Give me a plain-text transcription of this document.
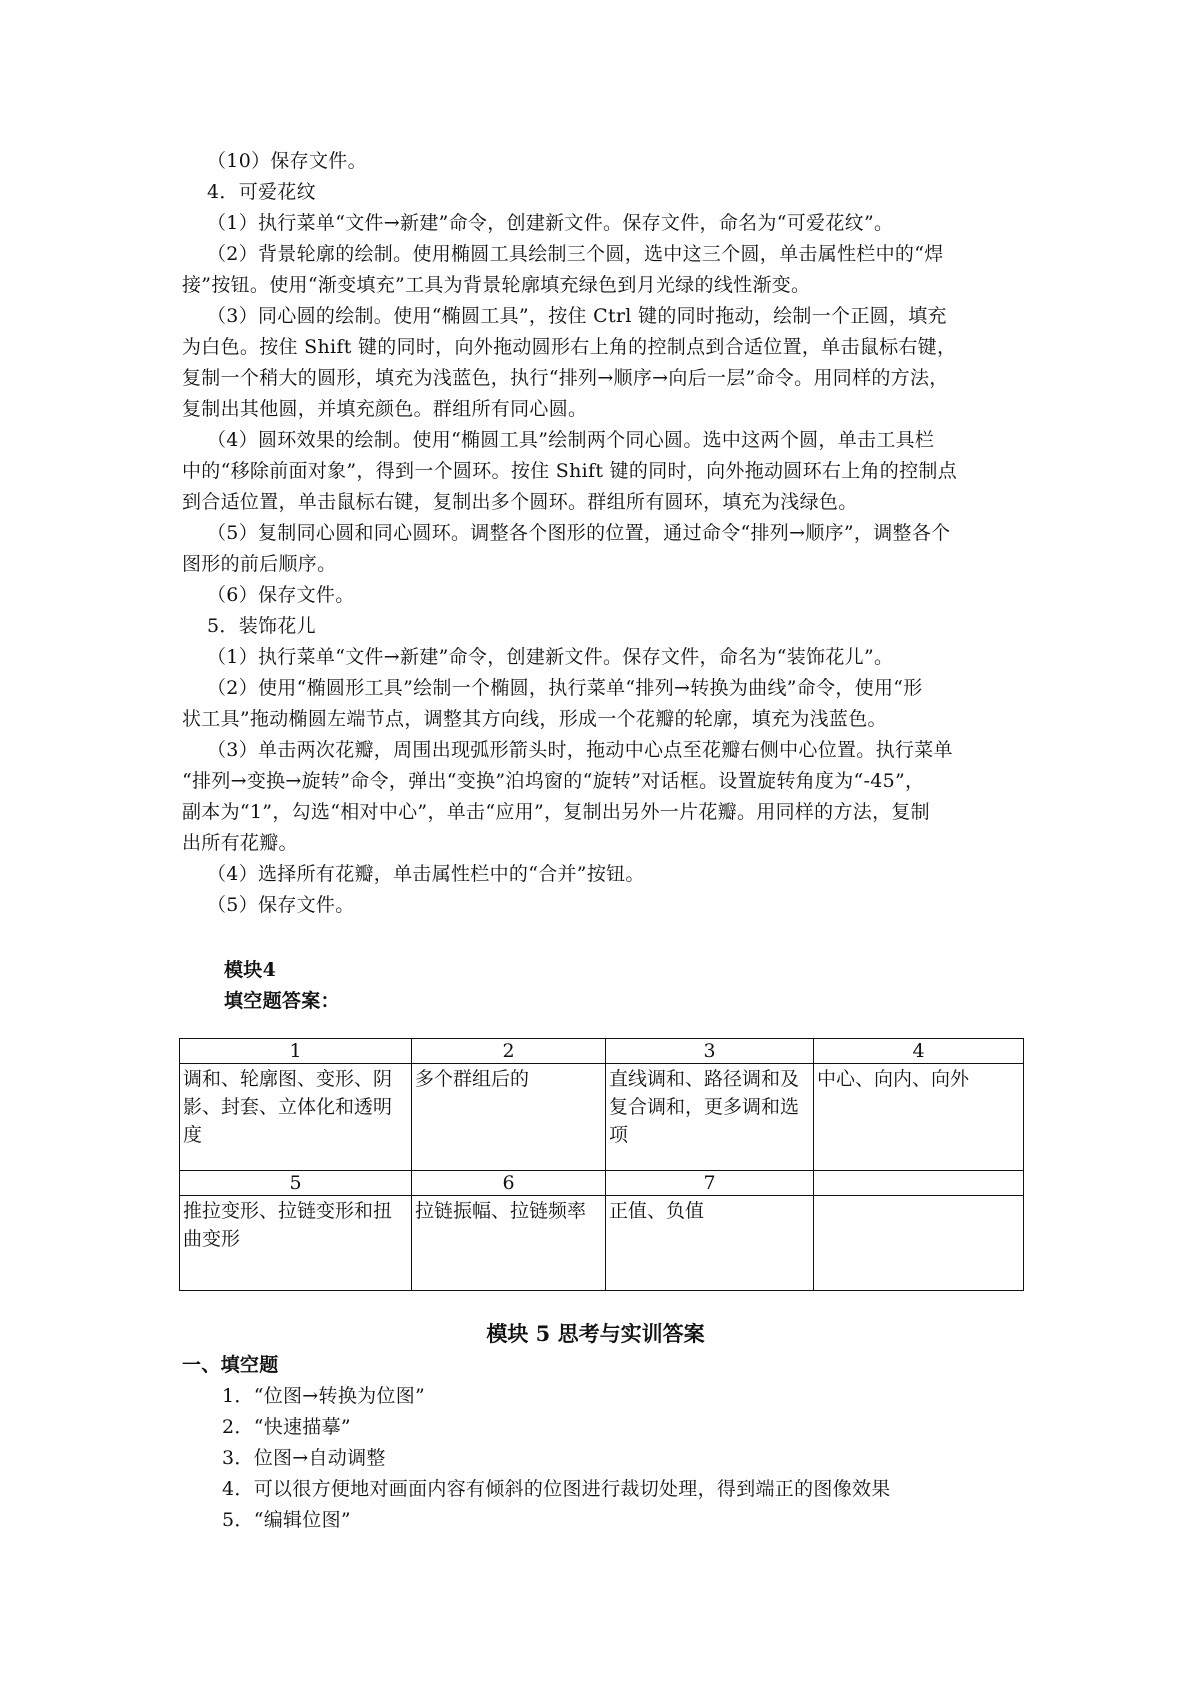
（10）保存文件。
4．可爱花纹
（1）执行菜单“文件→新建”命令，创建新文件。保存文件，命名为“可爱花纹”。
（2）背景轮廓的绘制。使用椭圆工具绘制三个圆，选中这三个圆，单击属性栏中的“焊
接”按钮。使用“渐变填充”工具为背景轮廓填充绿色到月光绿的线性渐变。
（3）同心圆的绘制。使用“椭圆工具”，按住 Ctrl 键的同时拖动，绘制一个正圆，填充
为白色。按住 Shift 键的同时，向外拖动圆形右上角的控制点到合适位置，单击鼠标右键，
复制一个稍大的圆形，填充为浅蓝色，执行“排列→顺序→向后一层”命令。用同样的方法，
复制出其他圆，并填充颜色。群组所有同心圆。
（4）圆环效果的绘制。使用“椭圆工具”绘制两个同心圆。选中这两个圆，单击工具栏
中的“移除前面对象”，得到一个圆环。按住 Shift 键的同时，向外拖动圆环右上角的控制点
到合适位置，单击鼠标右键，复制出多个圆环。群组所有圆环，填充为浅绿色。
（5）复制同心圆和同心圆环。调整各个图形的位置，通过命令“排列→顺序”，调整各个
图形的前后顺序。
（6）保存文件。
5．装饰花儿
（1）执行菜单“文件→新建”命令，创建新文件。保存文件，命名为“装饰花儿”。
（2）使用“椭圆形工具”绘制一个椭圆，执行菜单“排列→转换为曲线”命令，使用“形
状工具”拖动椭圆左端节点，调整其方向线，形成一个花瓣的轮廓，填充为浅蓝色。
（3）单击两次花瓣，周围出现弧形箭头时，拖动中心点至花瓣右侧中心位置。执行菜单
“排列→变换→旋转”命令，弹出“变换”泊坞窗的“旋转”对话框。设置旋转角度为“-45”，
副本为“1”，勾选“相对中心”，单击“应用”，复制出另外一片花瓣。用同样的方法，复制
出所有花瓣。
（4）选择所有花瓣，单击属性栏中的“合并”按钮。
（5）保存文件。
模块4
填空题答案：
1	2	3	4
调和、轮廓图、变形、阴影、封套、立体化和透明度	多个群组后的	直线调和、路径调和及复合调和，更多调和选项	中心、向内、向外
5	6	7	
推拉变形、拉链变形和扭曲变形	拉链振幅、拉链频率	正值、负值	
模块 5 思考与实训答案
一、填空题
1．“位图→转换为位图”
2．“快速描摹”
3．位图→自动调整
4．可以很方便地对画面内容有倾斜的位图进行裁切处理，得到端正的图像效果
5．“编辑位图”
